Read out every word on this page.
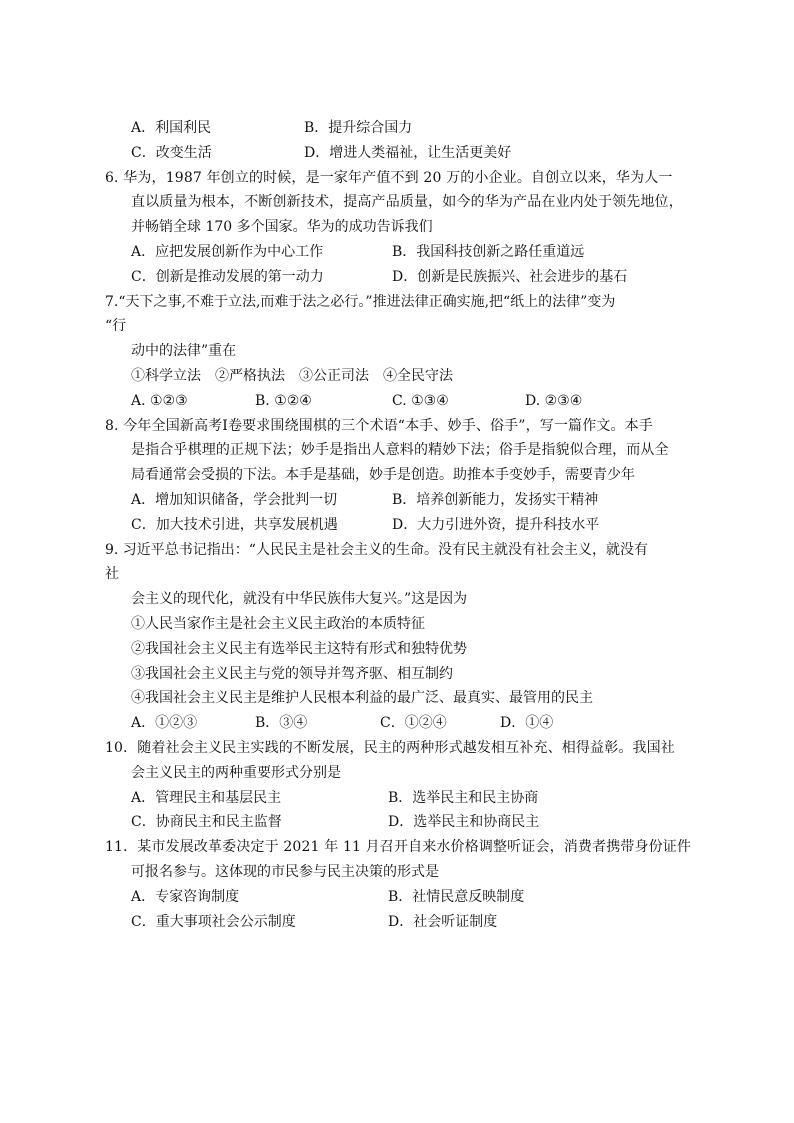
A．利国利民	B．提升综合国力
C．改变生活	D．增进人类福祉，让生活更美好
6. 华为，1987 年创立的时候，是一家年产值不到 20 万的小企业。自创立以来，华为人一
直以质量为根本，不断创新技术，提高产品质量，如今的华为产品在业内处于领先地位，
并畅销全球 170 多个国家。华为的成功告诉我们
A．应把发展创新作为中心工作	B．我国科技创新之路任重道远
C．创新是推动发展的第一动力	D．创新是民族振兴、社会进步的基石
7.“天下之事,不难于立法,而难于法之必行。”推进法律正确实施,把“纸上的法律”变为
“行
动中的法律”重在
①科学立法　②严格执法　③公正司法　④全民守法
A. ①②③	B. ①②④	C. ①③④	D. ②③④
8. 今年全国新高考Ⅰ卷要求围绕围棋的三个术语“本手、妙手、俗手”，写一篇作文。本手
是指合乎棋理的正规下法；妙手是指出人意料的精妙下法；俗手是指貌似合理，而从全
局看通常会受损的下法。本手是基础，妙手是创造。助推本手变妙手，需要青少年
A．增加知识储备，学会批判一切	B．培养创新能力，发扬实干精神
C．加大技术引进，共享发展机遇	D．大力引进外资，提升科技水平
9. 习近平总书记指出：“人民民主是社会主义的生命。没有民主就没有社会主义，就没有
社
会主义的现代化，就没有中华民族伟大复兴。”这是因为
①人民当家作主是社会主义民主政治的本质特征
②我国社会主义民主有选举民主这特有形式和独特优势
③我国社会主义民主与党的领导并驾齐驱、相互制约
④我国社会主义民主是维护人民根本利益的最广泛、最真实、最管用的民主
A．①②③	B．③④	C．①②④	D．①④
10．随着社会主义民主实践的不断发展，民主的两种形式越发相互补充、相得益彰。我国社
会主义民主的两种重要形式分别是
A．管理民主和基层民主	B．选举民主和民主协商
C．协商民主和民主监督	D．选举民主和协商民主
11．某市发展改革委决定于 2021 年 11 月召开自来水价格调整听证会，消费者携带身份证件
可报名参与。这体现的市民参与民主决策的形式是
A．专家咨询制度	B．社情民意反映制度
C．重大事项社会公示制度	D．社会听证制度
